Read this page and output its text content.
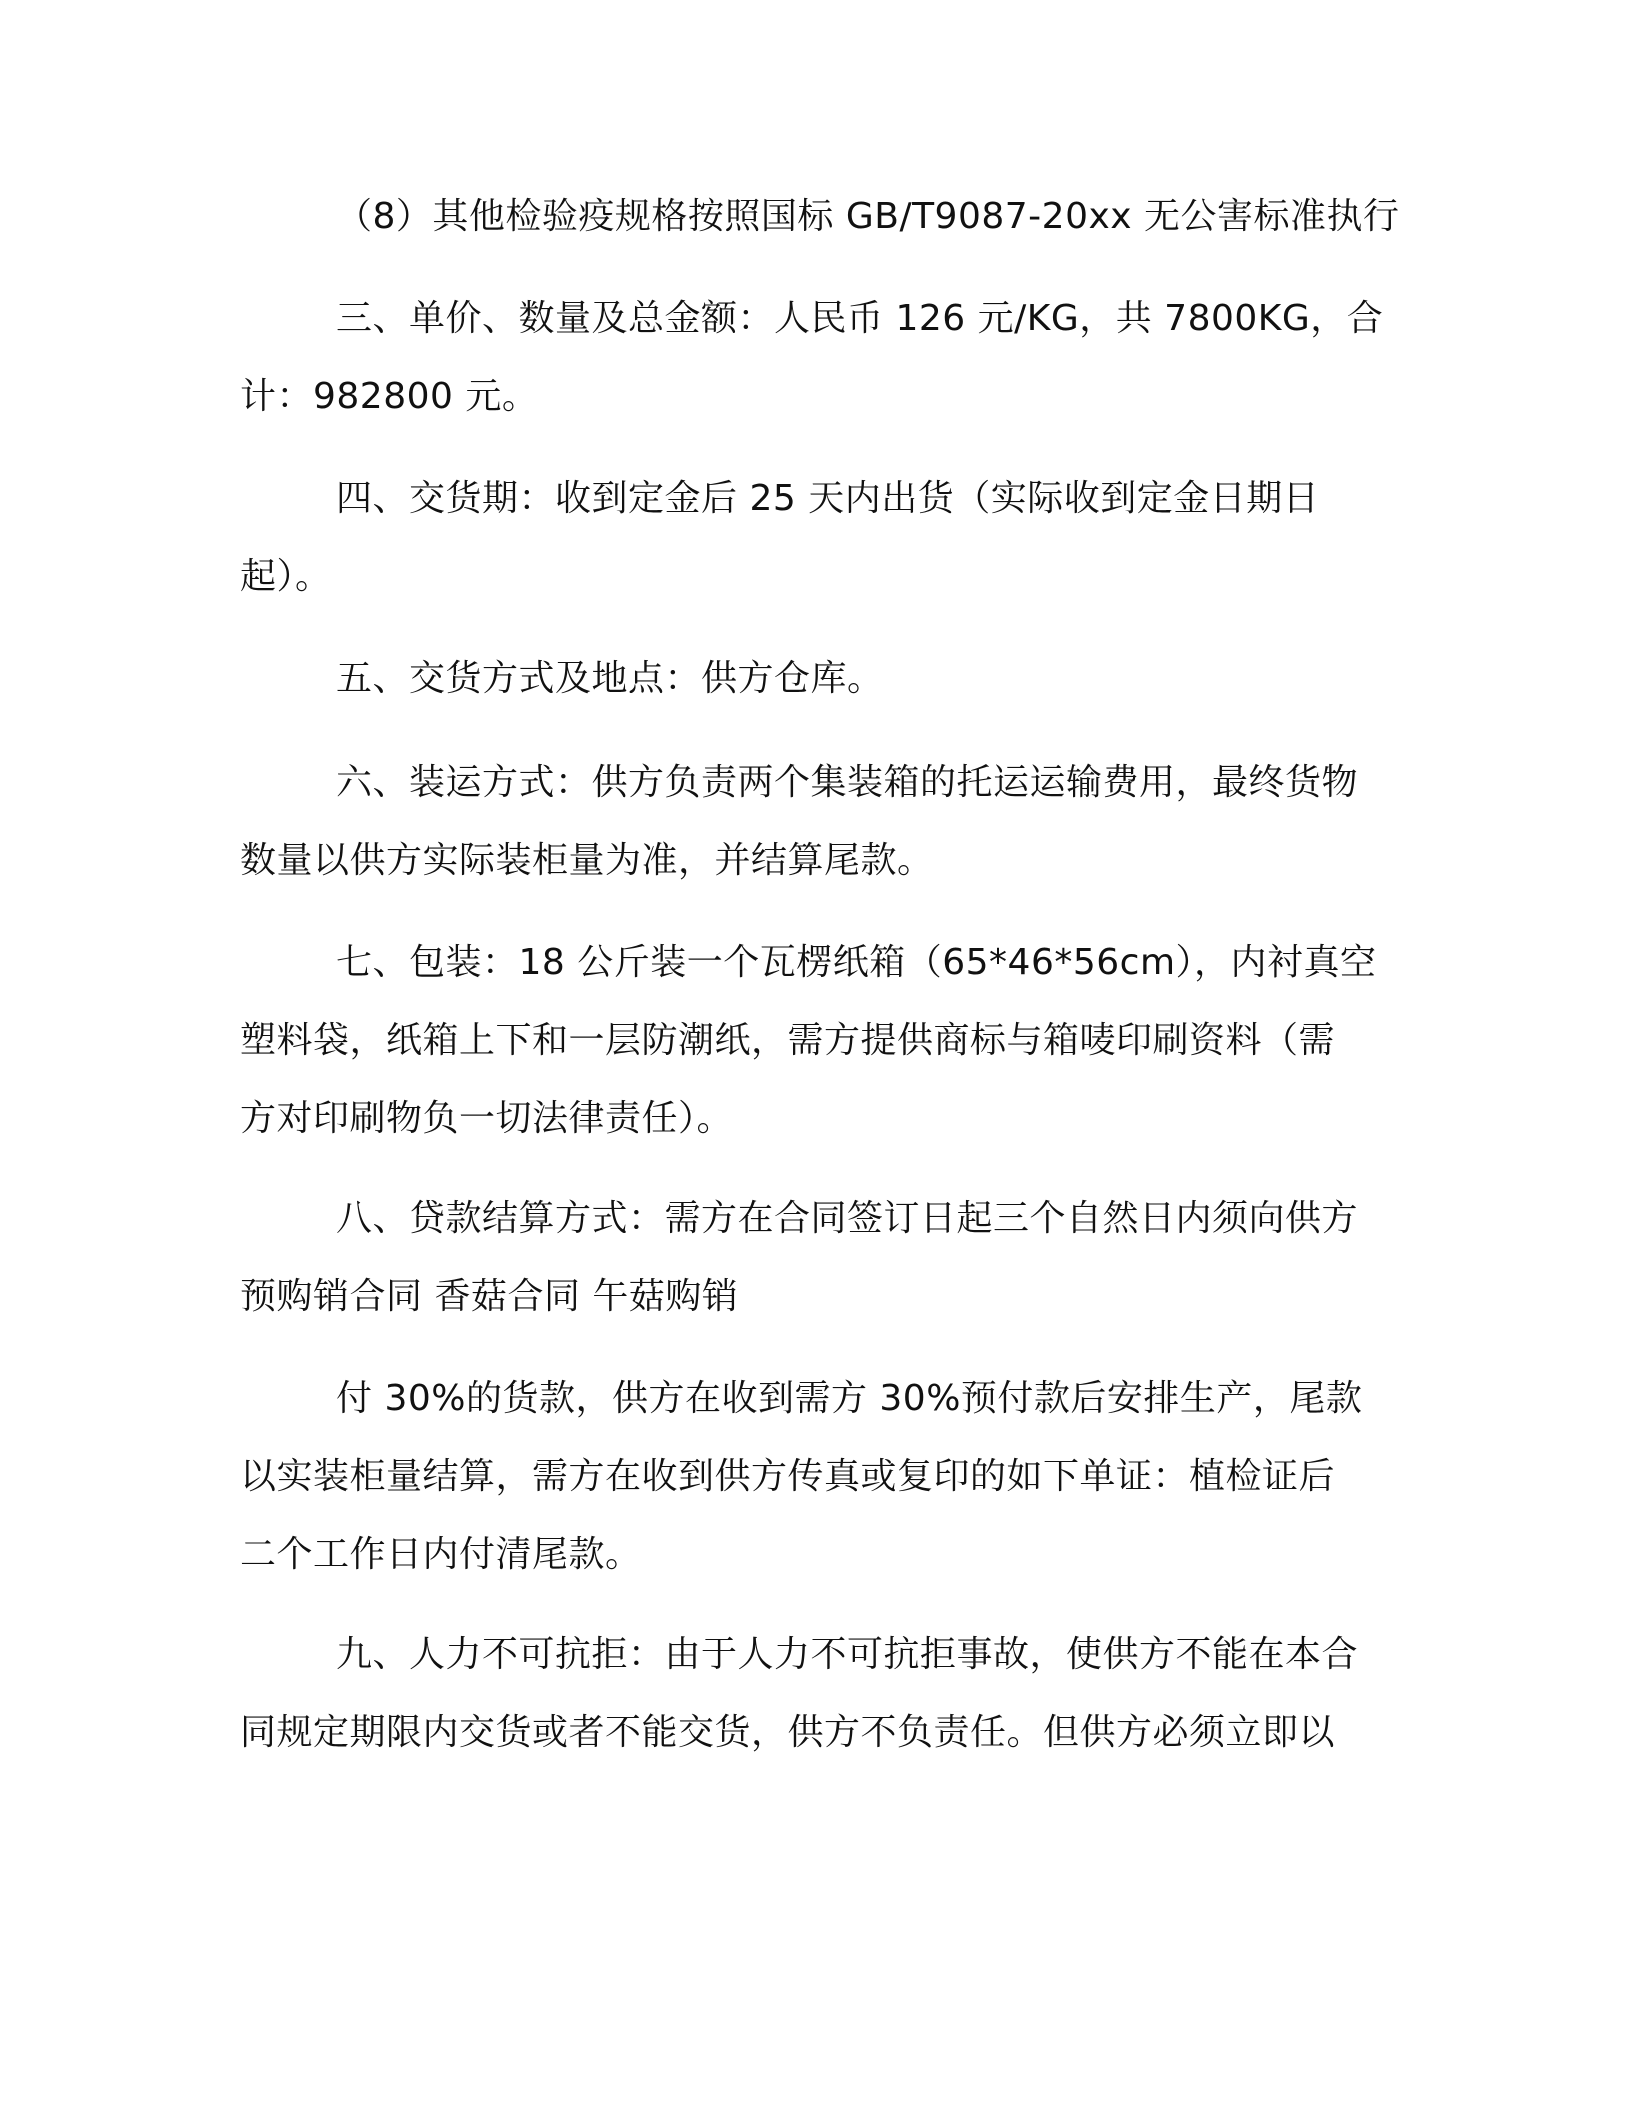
（8）其他检验疫规格按照国标 GB/T9087-20xx 无公害标准执行

三、单价、数量及总金额：人民币 126 元/KG，共 7800KG，合
计：982800 元。

四、交货期：收到定金后 25 天内出货（实际收到定金日期日
起）。

五、交货方式及地点：供方仓库。

六、装运方式：供方负责两个集装箱的托运运输费用，最终货物
数量以供方实际装柜量为准，并结算尾款。

七、包装：18 公斤装一个瓦楞纸箱（65*46*56cm），内衬真空
塑料袋，纸箱上下和一层防潮纸，需方提供商标与箱唛印刷资料（需
方对印刷物负一切法律责任）。

八、贷款结算方式：需方在合同签订日起三个自然日内须向供方
预购销合同 香菇合同 午菇购销

付 30%的货款，供方在收到需方 30%预付款后安排生产，尾款
以实装柜量结算，需方在收到供方传真或复印的如下单证：植检证后
二个工作日内付清尾款。

九、人力不可抗拒：由于人力不可抗拒事故，使供方不能在本合
同规定期限内交货或者不能交货，供方不负责任。但供方必须立即以
